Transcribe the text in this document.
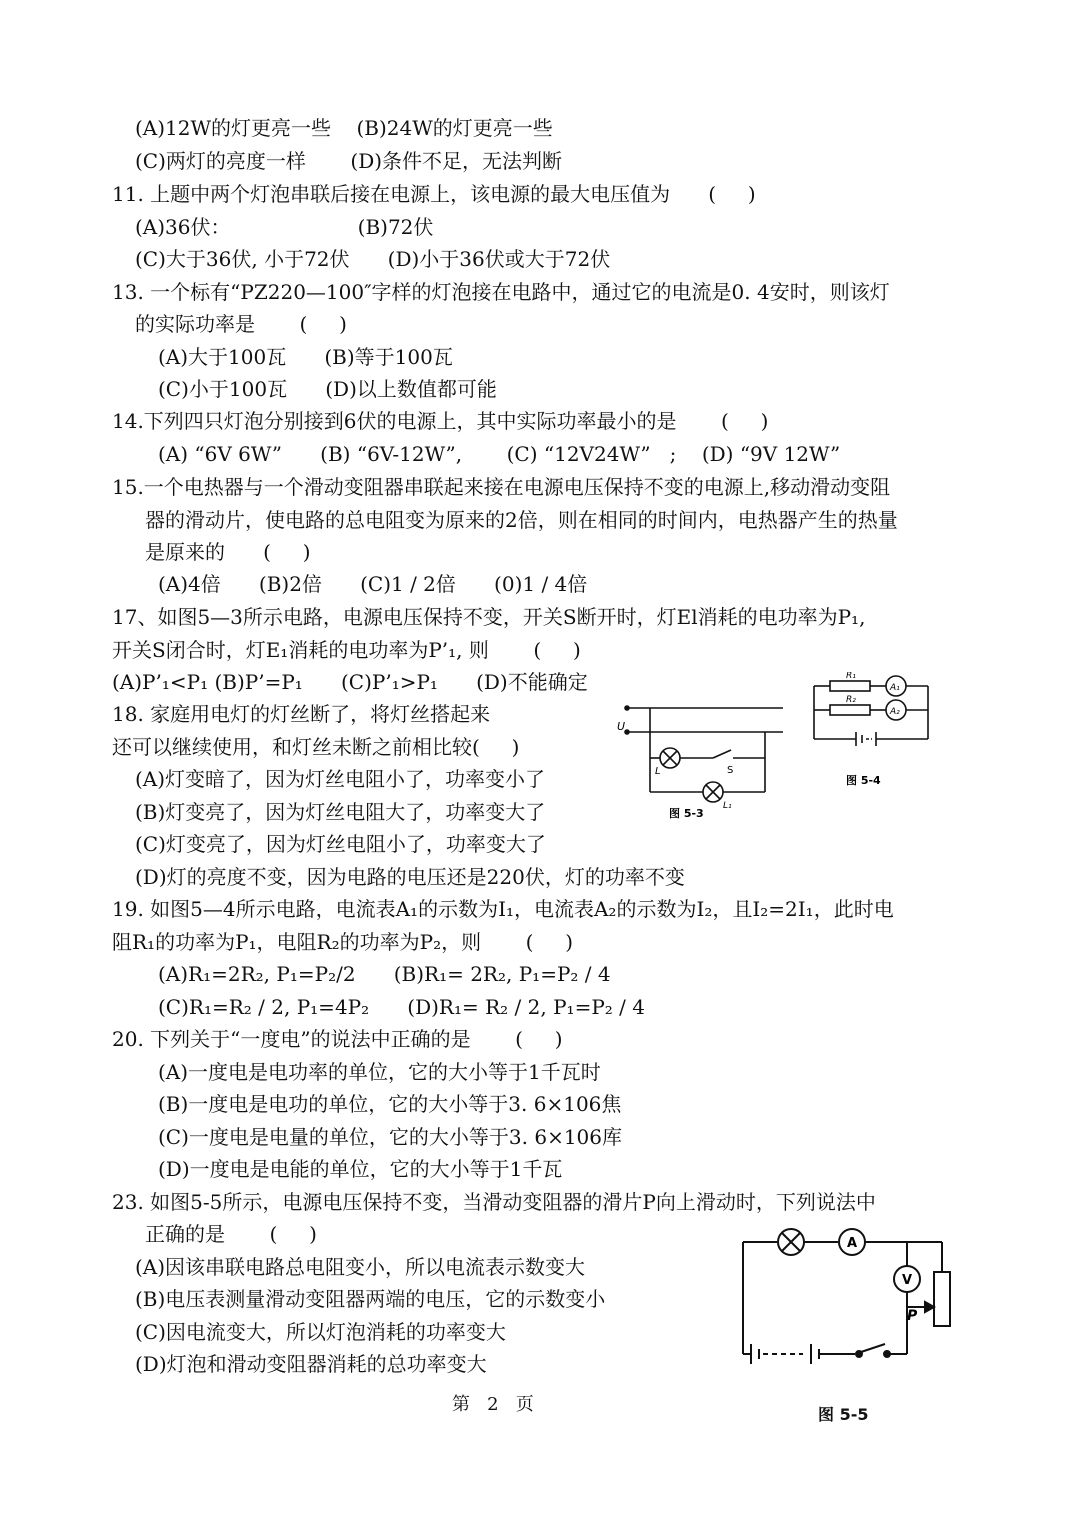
(A)12W的灯更亮一些    (B)24W的灯更亮一些
(C)两灯的亮度一样       (D)条件不足，无法判断
11. 上题中两个灯泡串联后接在电源上，该电源的最大电压值为      (     )
(A)36伏：                    (B)72伏
(C)大于36伏, 小于72伏      (D)小于36伏或大于72伏
13. 一个标有“PZ220—100″字样的灯泡接在电路中，通过它的电流是0. 4安时，则该灯
的实际功率是       (     )
(A)大于100瓦      (B)等于100瓦
(C)小于100瓦      (D)以上数值都可能
14.下列四只灯泡分别接到6伏的电源上，其中实际功率最小的是       (     )
(A) “6V 6W”      (B) “6V-12W”,       (C) “12V24W”   ;    (D) “9V 12W”
15.一个电热器与一个滑动变阻器串联起来接在电源电压保持不变的电源上,移动滑动变阻
器的滑动片，使电路的总电阻变为原来的2倍，则在相同的时间内，电热器产生的热量
是原来的      (     )
(A)4倍      (B)2倍      (C)1 / 2倍      (0)1 / 4倍
17、如图5—3所示电路，电源电压保持不变，开关S断开时，灯El消耗的电功率为P₁,
开关S闭合时，灯E₁消耗的电功率为P’₁, 则       (     )
(A)P’₁<P₁ (B)P’=P₁      (C)P’₁>P₁      (D)不能确定
18. 家庭用电灯的灯丝断了，将灯丝搭起来
还可以继续使用，和灯丝未断之前相比较(     )
(A)灯变暗了，因为灯丝电阻小了，功率变小了
(B)灯变亮了，因为灯丝电阻大了，功率变大了
(C)灯变亮了，因为灯丝电阻小了，功率变大了
(D)灯的亮度不变，因为电路的电压还是220伏，灯的功率不变
19. 如图5—4所示电路，电流表A₁的示数为I₁，电流表A₂的示数为I₂，且I₂=2I₁，此时电
阻R₁的功率为P₁，电阻R₂的功率为P₂，则       (     )
(A)R₁=2R₂, P₁=P₂/2      (B)R₁= 2R₂, P₁=P₂ / 4
(C)R₁=R₂ / 2, P₁=4P₂      (D)R₁= R₂ / 2, P₁=P₂ / 4
20. 下列关于“一度电”的说法中正确的是       (     )
(A)一度电是电功率的单位，它的大小等于1千瓦时
(B)一度电是电功的单位，它的大小等于3. 6×106焦
(C)一度电是电量的单位，它的大小等于3. 6×106库
(D)一度电是电能的单位，它的大小等于1千瓦
23. 如图5-5所示，电源电压保持不变，当滑动变阻器的滑片P向上滑动时，下列说法中
正确的是       (     )
(A)因该串联电路总电阻变小，所以电流表示数变大
(B)电压表测量滑动变阻器两端的电压，它的示数变小
(C)因电流变大，所以灯泡消耗的功率变大
(D)灯泡和滑动变阻器消耗的总功率变大
U
L	S
L₁
图 5-3
R₁
R₂
A₁
A₂
图 5-4
A
V
P
图 5-5
第   2   页
